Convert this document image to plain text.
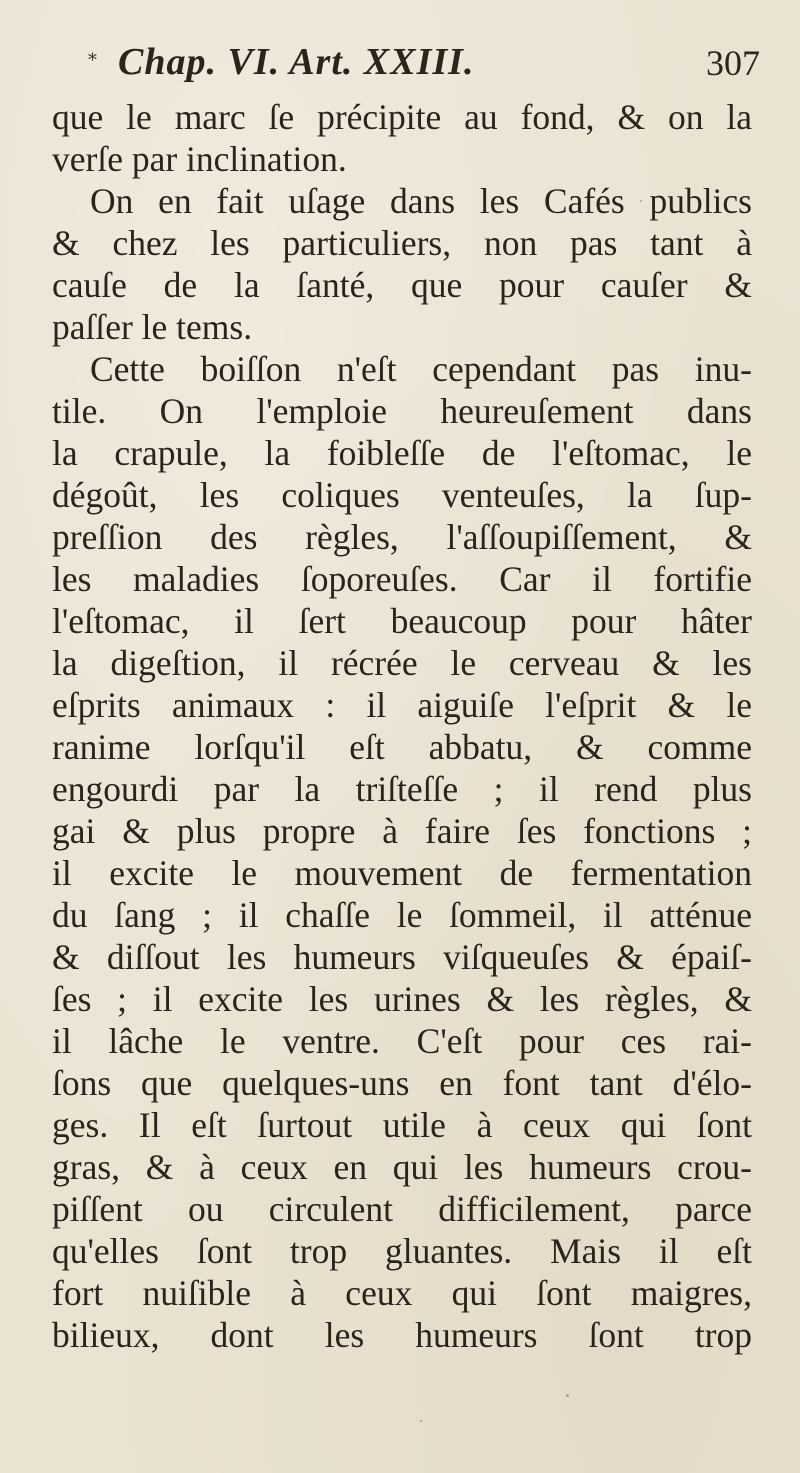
* Chap. VI. Art. XXIII.	307
que le marc ſe précipite au fond, & on la
verſe par inclination.
On en fait uſage dans les Cafés publics
& chez les particuliers, non pas tant à
cauſe de la ſanté, que pour cauſer &
paſſer le tems.
Cette boiſſon n'eſt cependant pas inu-
tile. On l'emploie heureuſement dans
la crapule, la foibleſſe de l'eſtomac, le
dégoût, les coliques venteuſes, la ſup-
preſſion des règles, l'aſſoupiſſement, &
les maladies ſoporeuſes. Car il fortifie
l'eſtomac, il ſert beaucoup pour hâter
la digeſtion, il récrée le cerveau & les
eſprits animaux : il aiguiſe l'eſprit & le
ranime lorſqu'il eſt abbatu, & comme
engourdi par la triſteſſe ; il rend plus
gai & plus propre à faire ſes fonctions ;
il excite le mouvement de fermentation
du ſang ; il chaſſe le ſommeil, il atténue
& diſſout les humeurs viſqueuſes & épaiſ-
ſes ; il excite les urines & les règles, &
il lâche le ventre. C'eſt pour ces rai-
ſons que quelques-uns en font tant d'élo-
ges. Il eſt ſurtout utile à ceux qui ſont
gras, & à ceux en qui les humeurs crou-
piſſent ou circulent difficilement, parce
qu'elles ſont trop gluantes. Mais il eſt
fort nuiſible à ceux qui ſont maigres,
bilieux, dont les humeurs ſont trop
